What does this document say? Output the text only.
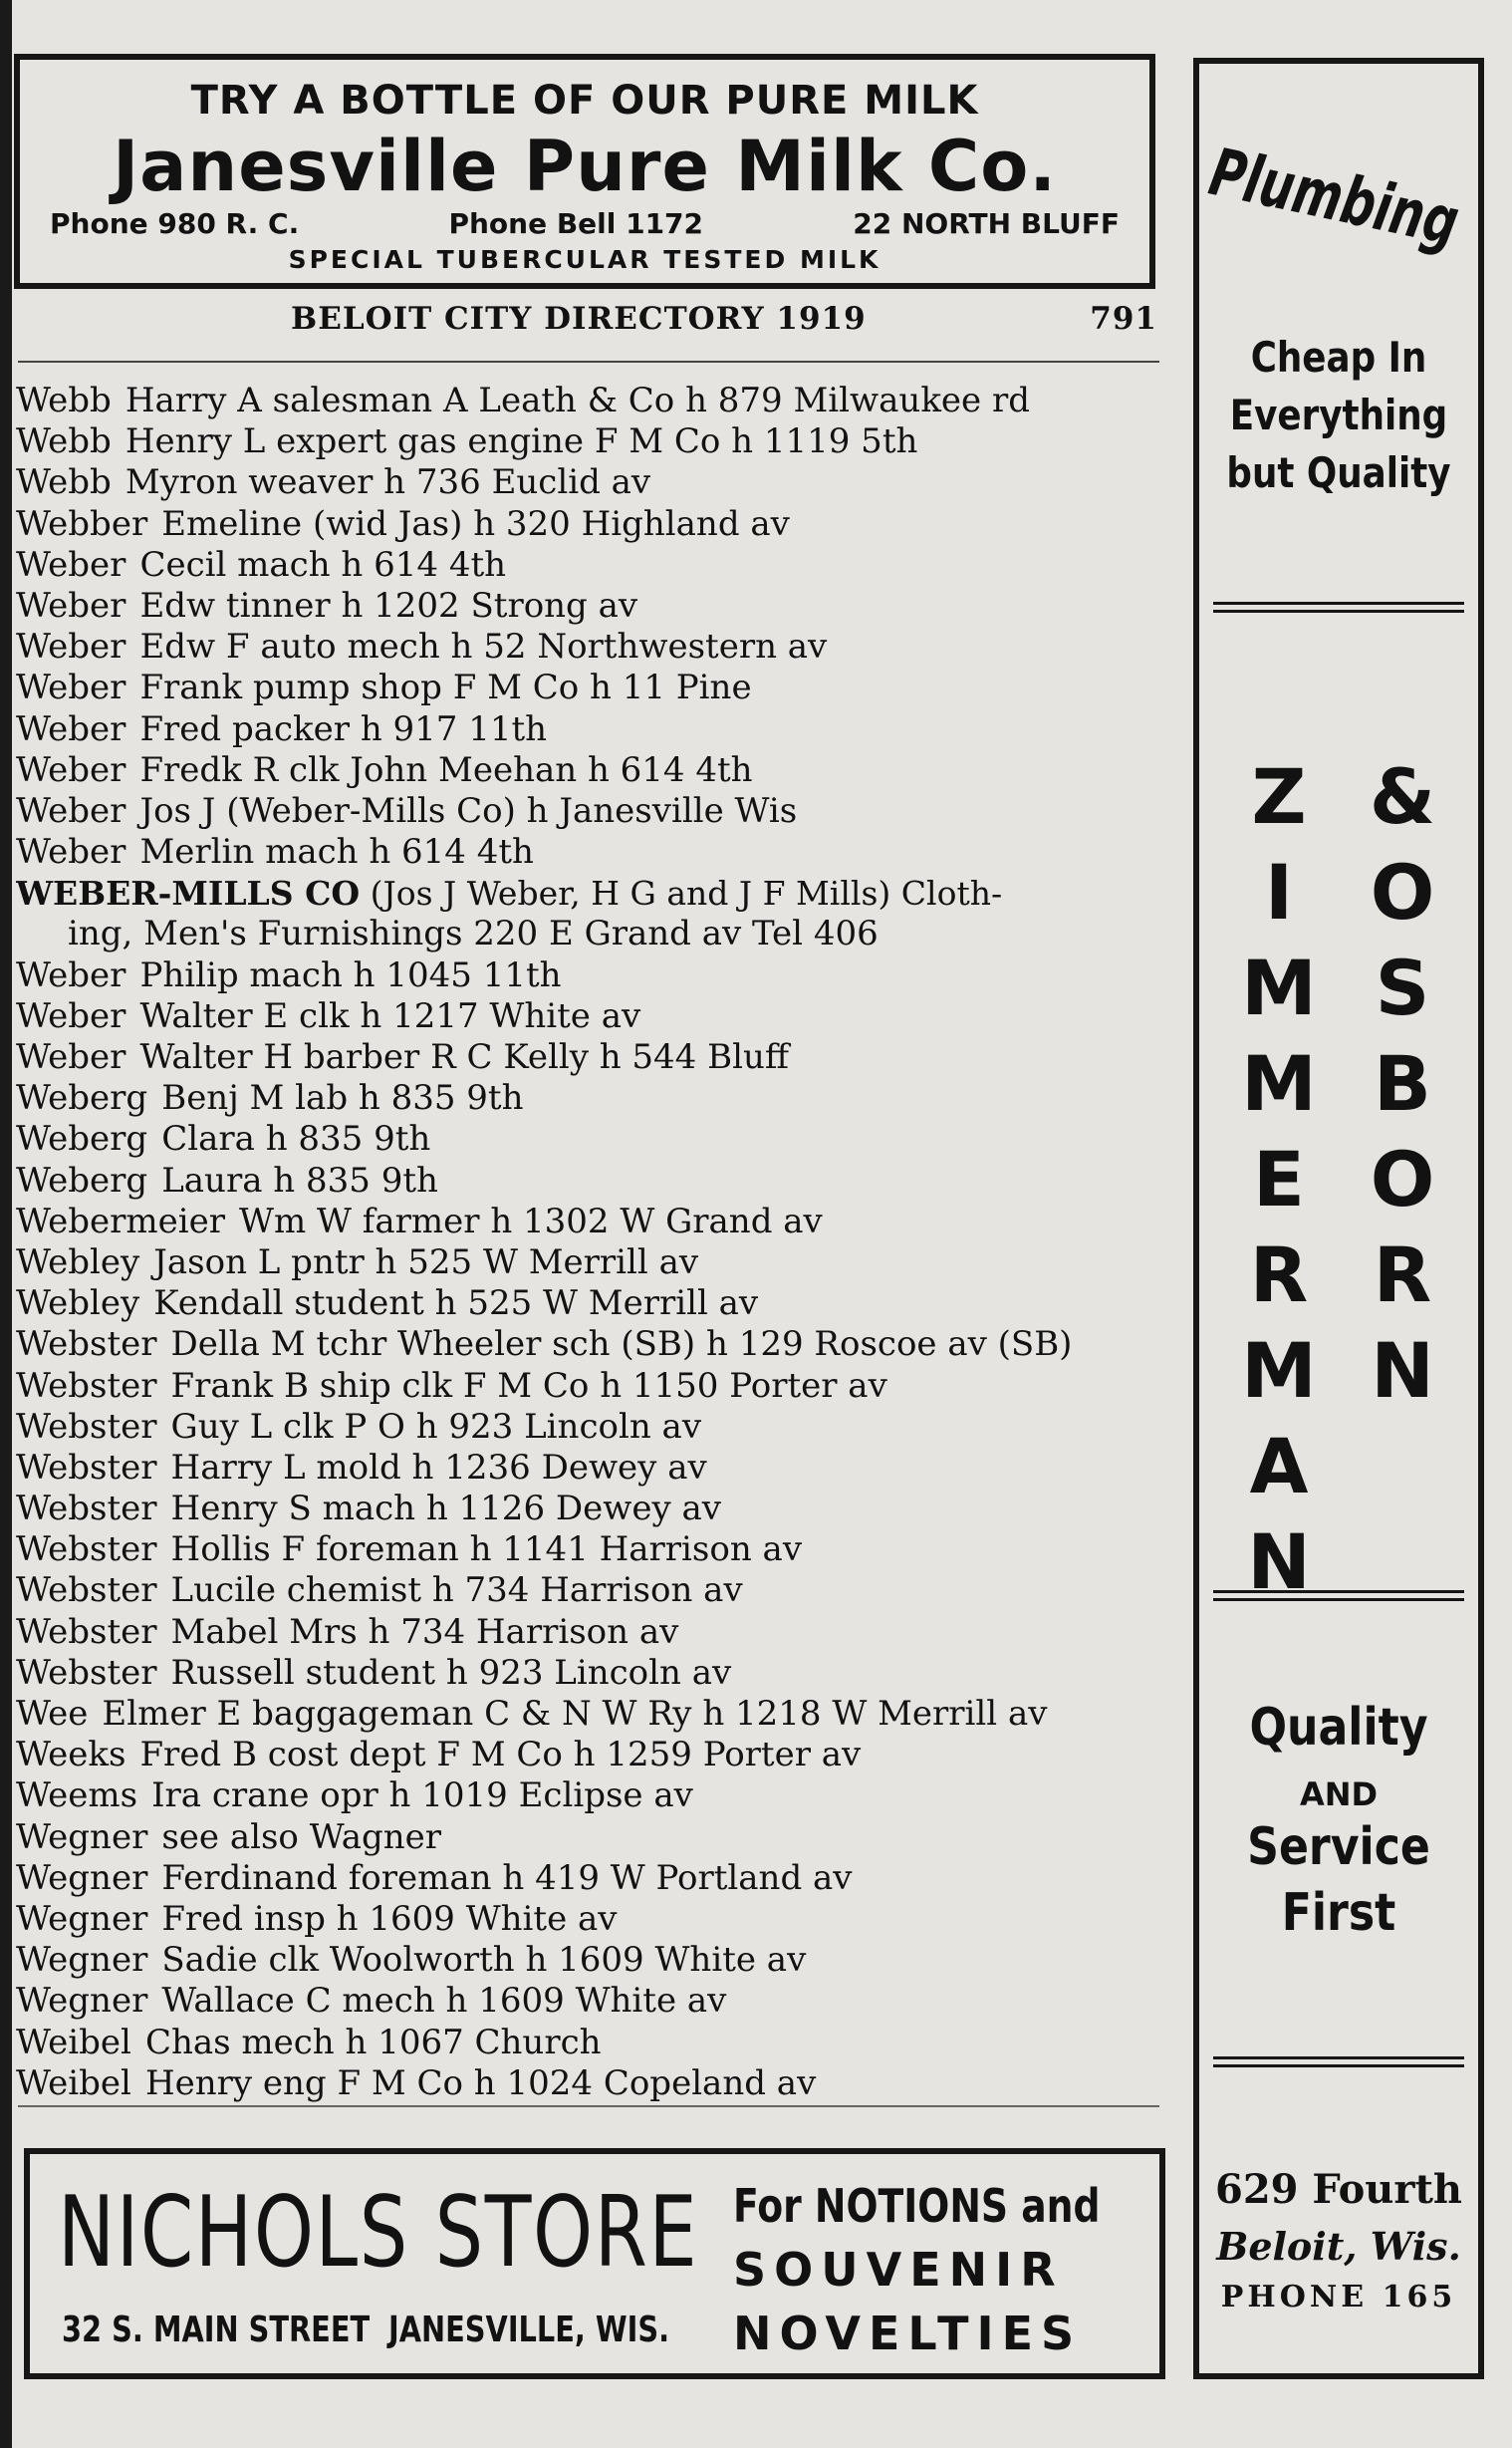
TRY A BOTTLE OF OUR PURE MILK
Janesville Pure Milk Co.
Phone 980 R. C.	Phone Bell 1172	22 NORTH BLUFF
SPECIAL TUBERCULAR TESTED MILK
BELOIT CITY DIRECTORY 1919	791
Webb Harry A salesman A Leath & Co h 879 Milwaukee rd
Webb Henry L expert gas engine F M Co h 1119 5th
Webb Myron weaver h 736 Euclid av
Webber Emeline (wid Jas) h 320 Highland av
Weber Cecil mach h 614 4th
Weber Edw tinner h 1202 Strong av
Weber Edw F auto mech h 52 Northwestern av
Weber Frank pump shop F M Co h 11 Pine
Weber Fred packer h 917 11th
Weber Fredk R clk John Meehan h 614 4th
Weber Jos J (Weber-Mills Co) h Janesville Wis
Weber Merlin mach h 614 4th
WEBER-MILLS CO (Jos J Weber, H G and J F Mills) Cloth-
ing, Men's Furnishings 220 E Grand av Tel 406
Weber Philip mach h 1045 11th
Weber Walter E clk h 1217 White av
Weber Walter H barber R C Kelly h 544 Bluff
Weberg Benj M lab h 835 9th
Weberg Clara h 835 9th
Weberg Laura h 835 9th
Webermeier Wm W farmer h 1302 W Grand av
Webley Jason L pntr h 525 W Merrill av
Webley Kendall student h 525 W Merrill av
Webster Della M tchr Wheeler sch (SB) h 129 Roscoe av (SB)
Webster Frank B ship clk F M Co h 1150 Porter av
Webster Guy L clk P O h 923 Lincoln av
Webster Harry L mold h 1236 Dewey av
Webster Henry S mach h 1126 Dewey av
Webster Hollis F foreman h 1141 Harrison av
Webster Lucile chemist h 734 Harrison av
Webster Mabel Mrs h 734 Harrison av
Webster Russell student h 923 Lincoln av
Wee Elmer E baggageman C & N W Ry h 1218 W Merrill av
Weeks Fred B cost dept F M Co h 1259 Porter av
Weems Ira crane opr h 1019 Eclipse av
Wegner see also Wagner
Wegner Ferdinand foreman h 419 W Portland av
Wegner Fred insp h 1609 White av
Wegner Sadie clk Woolworth h 1609 White av
Wegner Wallace C mech h 1609 White av
Weibel Chas mech h 1067 Church
Weibel Henry eng F M Co h 1024 Copeland av
NICHOLS STORE
32 S. MAIN STREET JANESVILLE, WIS.
For NOTIONS and
SOUVENIR
NOVELTIES
Plumbing
Cheap In
Everything
but Quality
Z
I
M
M
E
R
M
A
N
&
O
S
B
O
R
N
Quality
AND
Service
First
629 Fourth
Beloit, Wis.
PHONE 165
